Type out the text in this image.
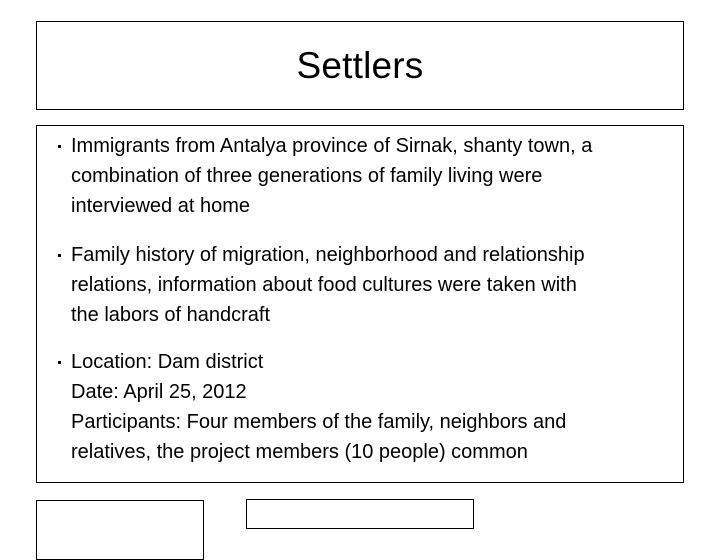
Settlers
Immigrants from Antalya province of Sirnak, shanty town, a
combination of three generations of family living were
interviewed at home
Family history of migration, neighborhood and relationship
relations, information about food cultures were taken with
the labors of handcraft
Location: Dam district
Date: April 25, 2012
Participants: Four members of the family, neighbors and
relatives, the project members (10 people) common
